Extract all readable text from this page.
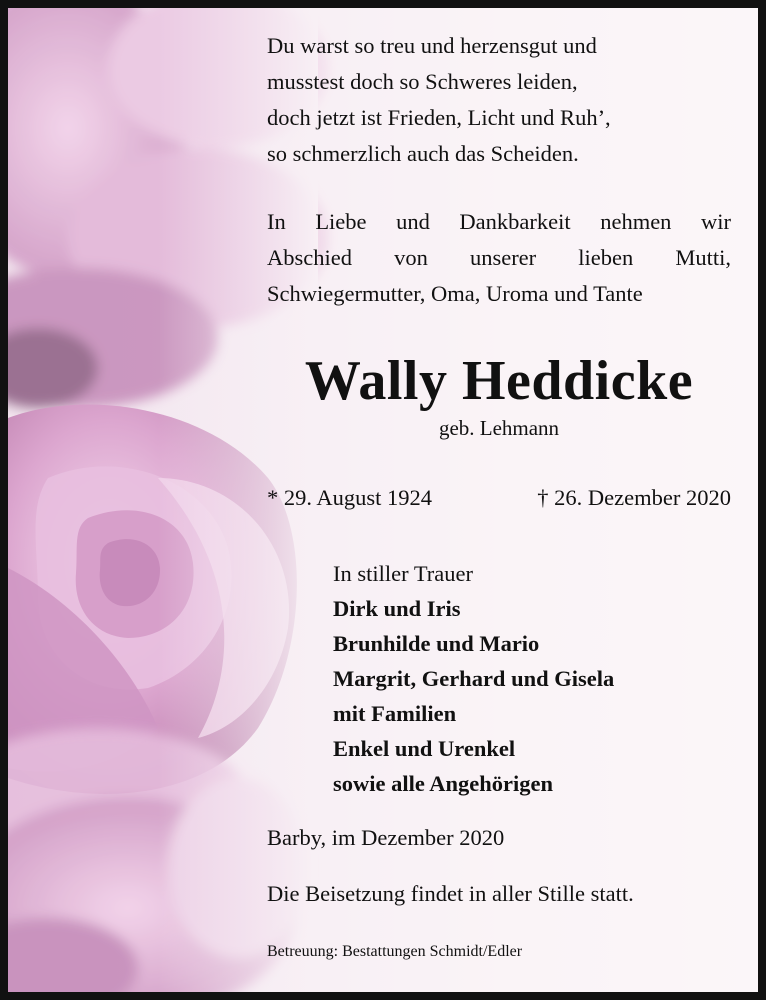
Du warst so treu und herzensgut und
musstest doch so Schweres leiden,
doch jetzt ist Frieden, Licht und Ruh’,
so schmerzlich auch das Scheiden.
In Liebe und Dankbarkeit nehmen wir
Abschied von unserer lieben Mutti,
Schwiegermutter, Oma, Uroma und Tante
Wally Heddicke
geb. Lehmann
* 29. August 1924	† 26. Dezember 2020
In stiller Trauer
Dirk und Iris
Brunhilde und Mario
Margrit, Gerhard und Gisela
mit Familien
Enkel und Urenkel
sowie alle Angehörigen
Barby, im Dezember 2020
Die Beisetzung findet in aller Stille statt.
Betreuung: Bestattungen Schmidt/Edler
